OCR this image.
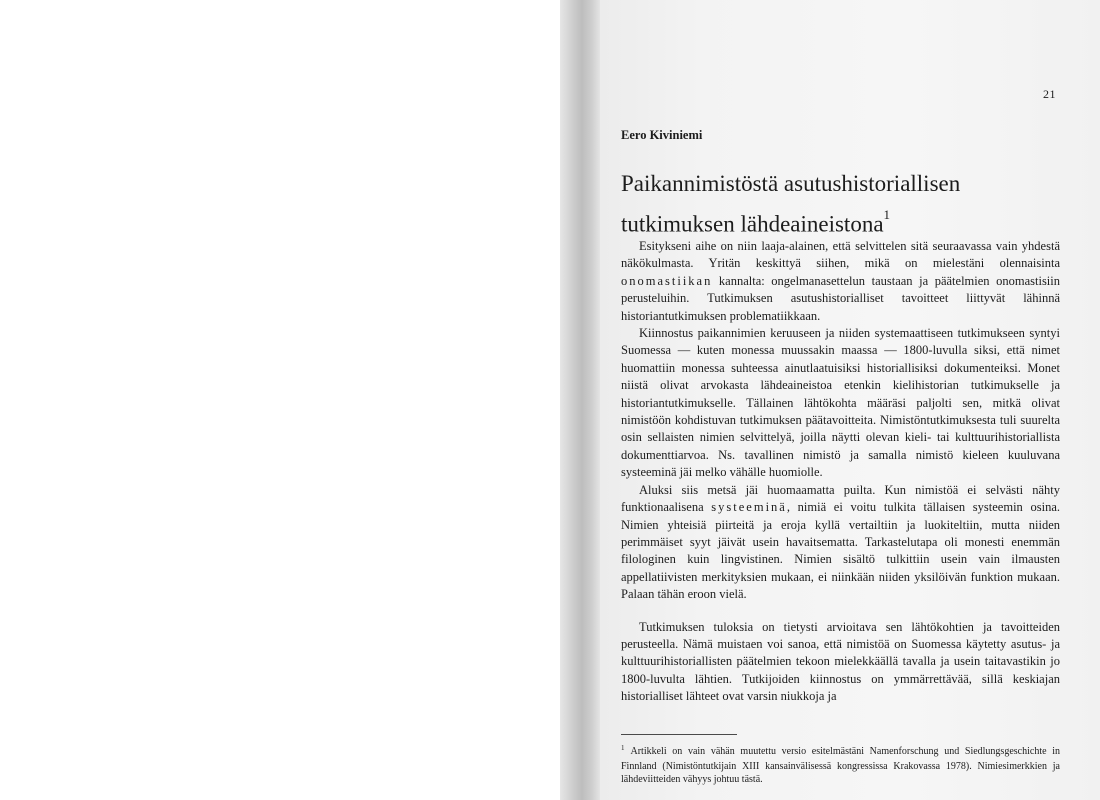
21
Eero Kiviniemi
Paikannimistöstä asutushistoriallisen
tutkimuksen lähdeaineistona$^1$

Esitykseni aihe on niin laaja-alainen, että selvittelen sitä seuraavassa vain yhdestä näkökulmasta. Yritän keskittyä siihen, mikä on mielestäni olennaisinta onomastiikan kannalta: ongelmanasettelun taustaan ja päätelmien onomastisiin perusteluihin. Tutkimuksen asutushistorialliset tavoitteet liittyvät lähinnä historiantutkimuksen problematiikkaan.

Kiinnostus paikannimien keruuseen ja niiden systemaattiseen tutkimukseen syntyi Suomessa — kuten monessa muussakin maassa — 1800-luvulla siksi, että nimet huomattiin monessa suhteessa ainutlaatuisiksi historiallisiksi dokumenteiksi. Monet niistä olivat arvokasta lähdeaineistoa etenkin kielihistorian tutkimukselle ja historiantutkimukselle. Tällainen lähtökohta määräsi paljolti sen, mitkä olivat nimistöön kohdistuvan tutkimuksen päätavoitteita. Nimistöntutkimuksesta tuli suurelta osin sellaisten nimien selvittelyä, joilla näytti olevan kieli- tai kulttuurihistoriallista dokumenttiarvoa. Ns. tavallinen nimistö ja samalla nimistö kieleen kuuluvana systeeminä jäi melko vähälle huomiolle.

Aluksi siis metsä jäi huomaamatta puilta. Kun nimistöä ei selvästi nähty funktionaalisena systeeminä, nimiä ei voitu tulkita tällaisen systeemin osina. Nimien yhteisiä piirteitä ja eroja kyllä vertailtiin ja luokiteltiin, mutta niiden perimmäiset syyt jäivät usein havaitsematta. Tarkastelutapa oli monesti enemmän filologinen kuin lingvistinen. Nimien sisältö tulkittiin usein vain ilmausten appellatiivisten merkityksien mukaan, ei niinkään niiden yksilöivän funktion mukaan. Palaan tähän eroon vielä.

Tutkimuksen tuloksia on tietysti arvioitava sen lähtökohtien ja tavoitteiden perusteella. Nämä muistaen voi sanoa, että nimistöä on Suomessa käytetty asutus- ja kulttuurihistoriallisten päätelmien tekoon mielekkäällä tavalla ja usein taitavastikin jo 1800-luvulta lähtien. Tutkijoiden kiinnostus on ymmärrettävää, sillä keskiajan historialliset lähteet ovat varsin niukkoja ja

$^1$ Artikkeli on vain vähän muutettu versio esitelmästäni Namenforschung und Siedlungsgeschichte in Finnland (Nimistöntutkijain XIII kansainvälisessä kongressissa Krakovassa 1978). Nimiesimerkkien ja lähdeviitteiden vähyys johtuu tästä.
